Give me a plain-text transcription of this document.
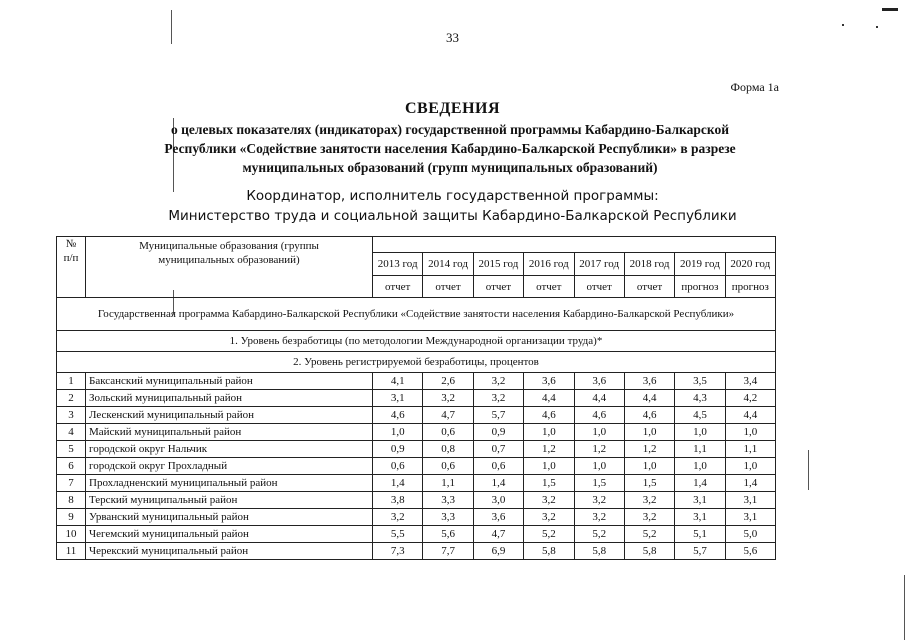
33
Форма 1а
СВЕДЕНИЯ
о целевых показателях (индикаторах) государственной программы Кабардино-Балкарской
Республики «Содействие занятости населения Кабардино-Балкарской Республики» в разрезе
муниципальных образований (групп муниципальных образований)
Координатор, исполнитель государственной программы:
Министерство труда и социальной защиты Кабардино-Балкарской Республики
№ п/п	Муниципальные образования (группы муниципальных образований)								
		2013 год	2014 год	2015 год	2016 год	2017 год	2018 год	2019 год	2020 год
		отчет	отчет	отчет	отчет	отчет	отчет	прогноз	прогноз
Государственная программа Кабардино-Балкарской Республики «Содействие занятости населения Кабардино-Балкарской Республики»									
1. Уровень безработицы (по методологии Международной организации труда)*									
2. Уровень регистрируемой безработицы, процентов									
1	Баксанский муниципальный район	4,1	2,6	3,2	3,6	3,6	3,6	3,5	3,4
2	Зольский муниципальный район	3,1	3,2	3,2	4,4	4,4	4,4	4,3	4,2
3	Лескенский муниципальный район	4,6	4,7	5,7	4,6	4,6	4,6	4,5	4,4
4	Майский муниципальный район	1,0	0,6	0,9	1,0	1,0	1,0	1,0	1,0
5	городской округ Нальчик	0,9	0,8	0,7	1,2	1,2	1,2	1,1	1,1
6	городской округ Прохладный	0,6	0,6	0,6	1,0	1,0	1,0	1,0	1,0
7	Прохладненский муниципальный район	1,4	1,1	1,4	1,5	1,5	1,5	1,4	1,4
8	Терский муниципальный район	3,8	3,3	3,0	3,2	3,2	3,2	3,1	3,1
9	Урванский муниципальный район	3,2	3,3	3,6	3,2	3,2	3,2	3,1	3,1
10	Чегемский муниципальный район	5,5	5,6	4,7	5,2	5,2	5,2	5,1	5,0
11	Черекский муниципальный район	7,3	7,7	6,9	5,8	5,8	5,8	5,7	5,6
